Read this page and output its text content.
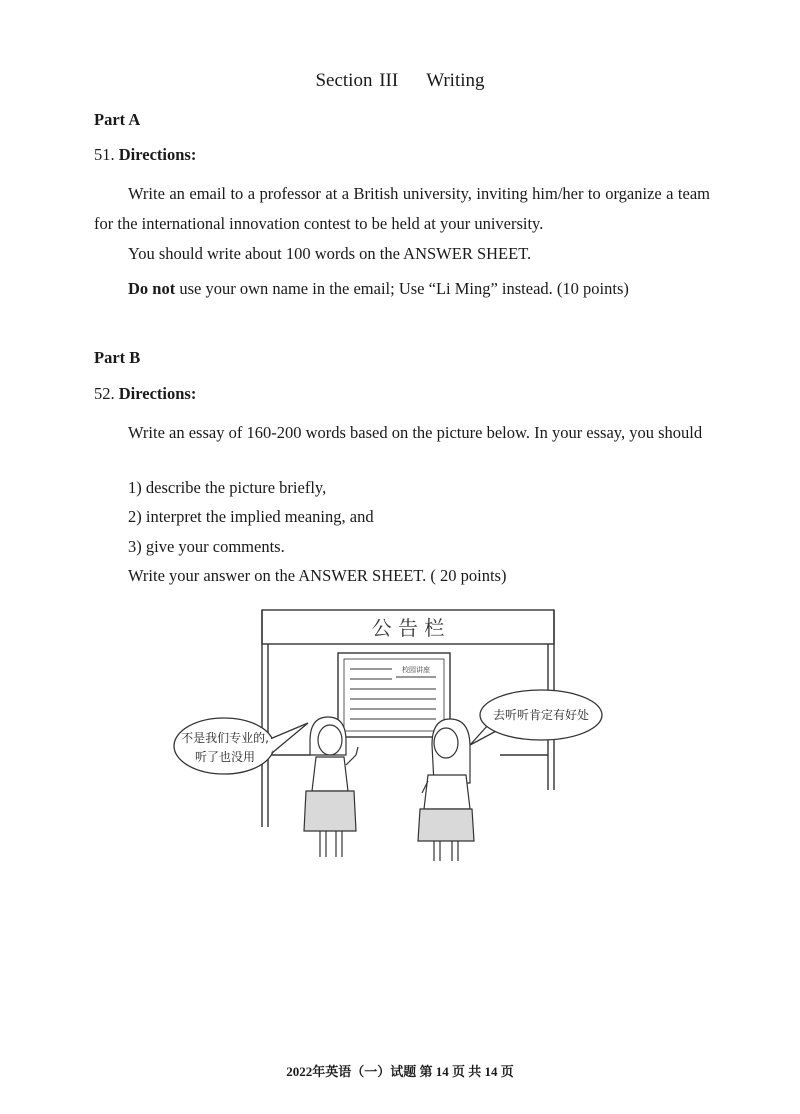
Section III Writing
Part A
51. Directions:
Write an email to a professor at a British university, inviting him/her to organize a team for the international innovation contest to be held at your university.
You should write about 100 words on the ANSWER SHEET.
Do not use your own name in the email; Use “Li Ming” instead. (10 points)
Part B
52. Directions:
Write an essay of 160-200 words based on the picture below. In your essay, you should
1) describe the picture briefly,
2) interpret the implied meaning, and
3) give your comments.
Write your answer on the ANSWER SHEET. ( 20 points)
公 告 栏
校园讲座
不是我们专业的,
听了也没用
去听听肯定有好处
2022年英语（一）试题 第 14 页 共 14 页
